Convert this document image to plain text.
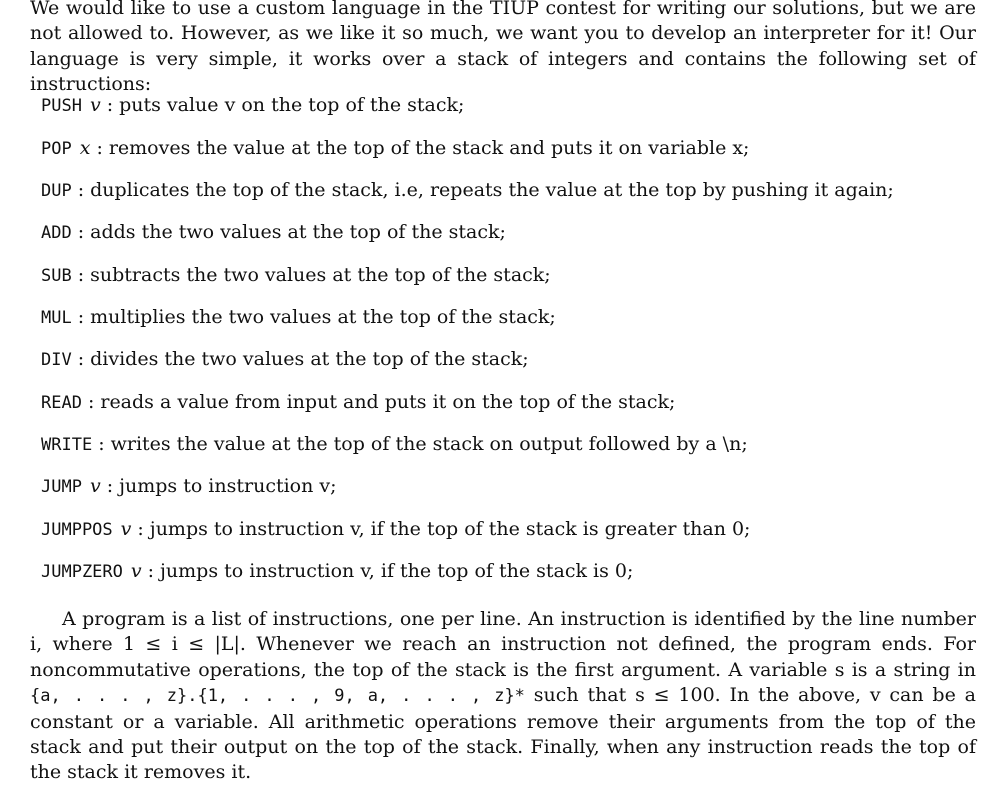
We would like to use a custom language in the TIUP contest for writing our solutions, but we are not allowed to. However, as we like it so much, we want you to develop an interpreter for it! Our language is very simple, it works over a stack of integers and contains the following set of instructions:

PUSH v : puts value v on the top of the stack;
POP x : removes the value at the top of the stack and puts it on variable x;
DUP : duplicates the top of the stack, i.e, repeats the value at the top by pushing it again;
ADD : adds the two values at the top of the stack;
SUB : subtracts the two values at the top of the stack;
MUL : multiplies the two values at the top of the stack;
DIV : divides the two values at the top of the stack;
READ : reads a value from input and puts it on the top of the stack;
WRITE : writes the value at the top of the stack on output followed by a \n;
JUMP v : jumps to instruction v;
JUMPPOS v : jumps to instruction v, if the top of the stack is greater than 0;
JUMPZERO v : jumps to instruction v, if the top of the stack is 0;

A program is a list of instructions, one per line. An instruction is identified by the line number i, where 1 ≤ i ≤ |L|. Whenever we reach an instruction not defined, the program ends. For noncommutative operations, the top of the stack is the first argument. A variable s is a string in {a, . . . , z}.{1, . . . , 9, a, . . . , z}* such that s ≤ 100. In the above, v can be a constant or a variable. All arithmetic operations remove their arguments from the top of the stack and put their output on the top of the stack. Finally, when any instruction reads the top of the stack it removes it.
